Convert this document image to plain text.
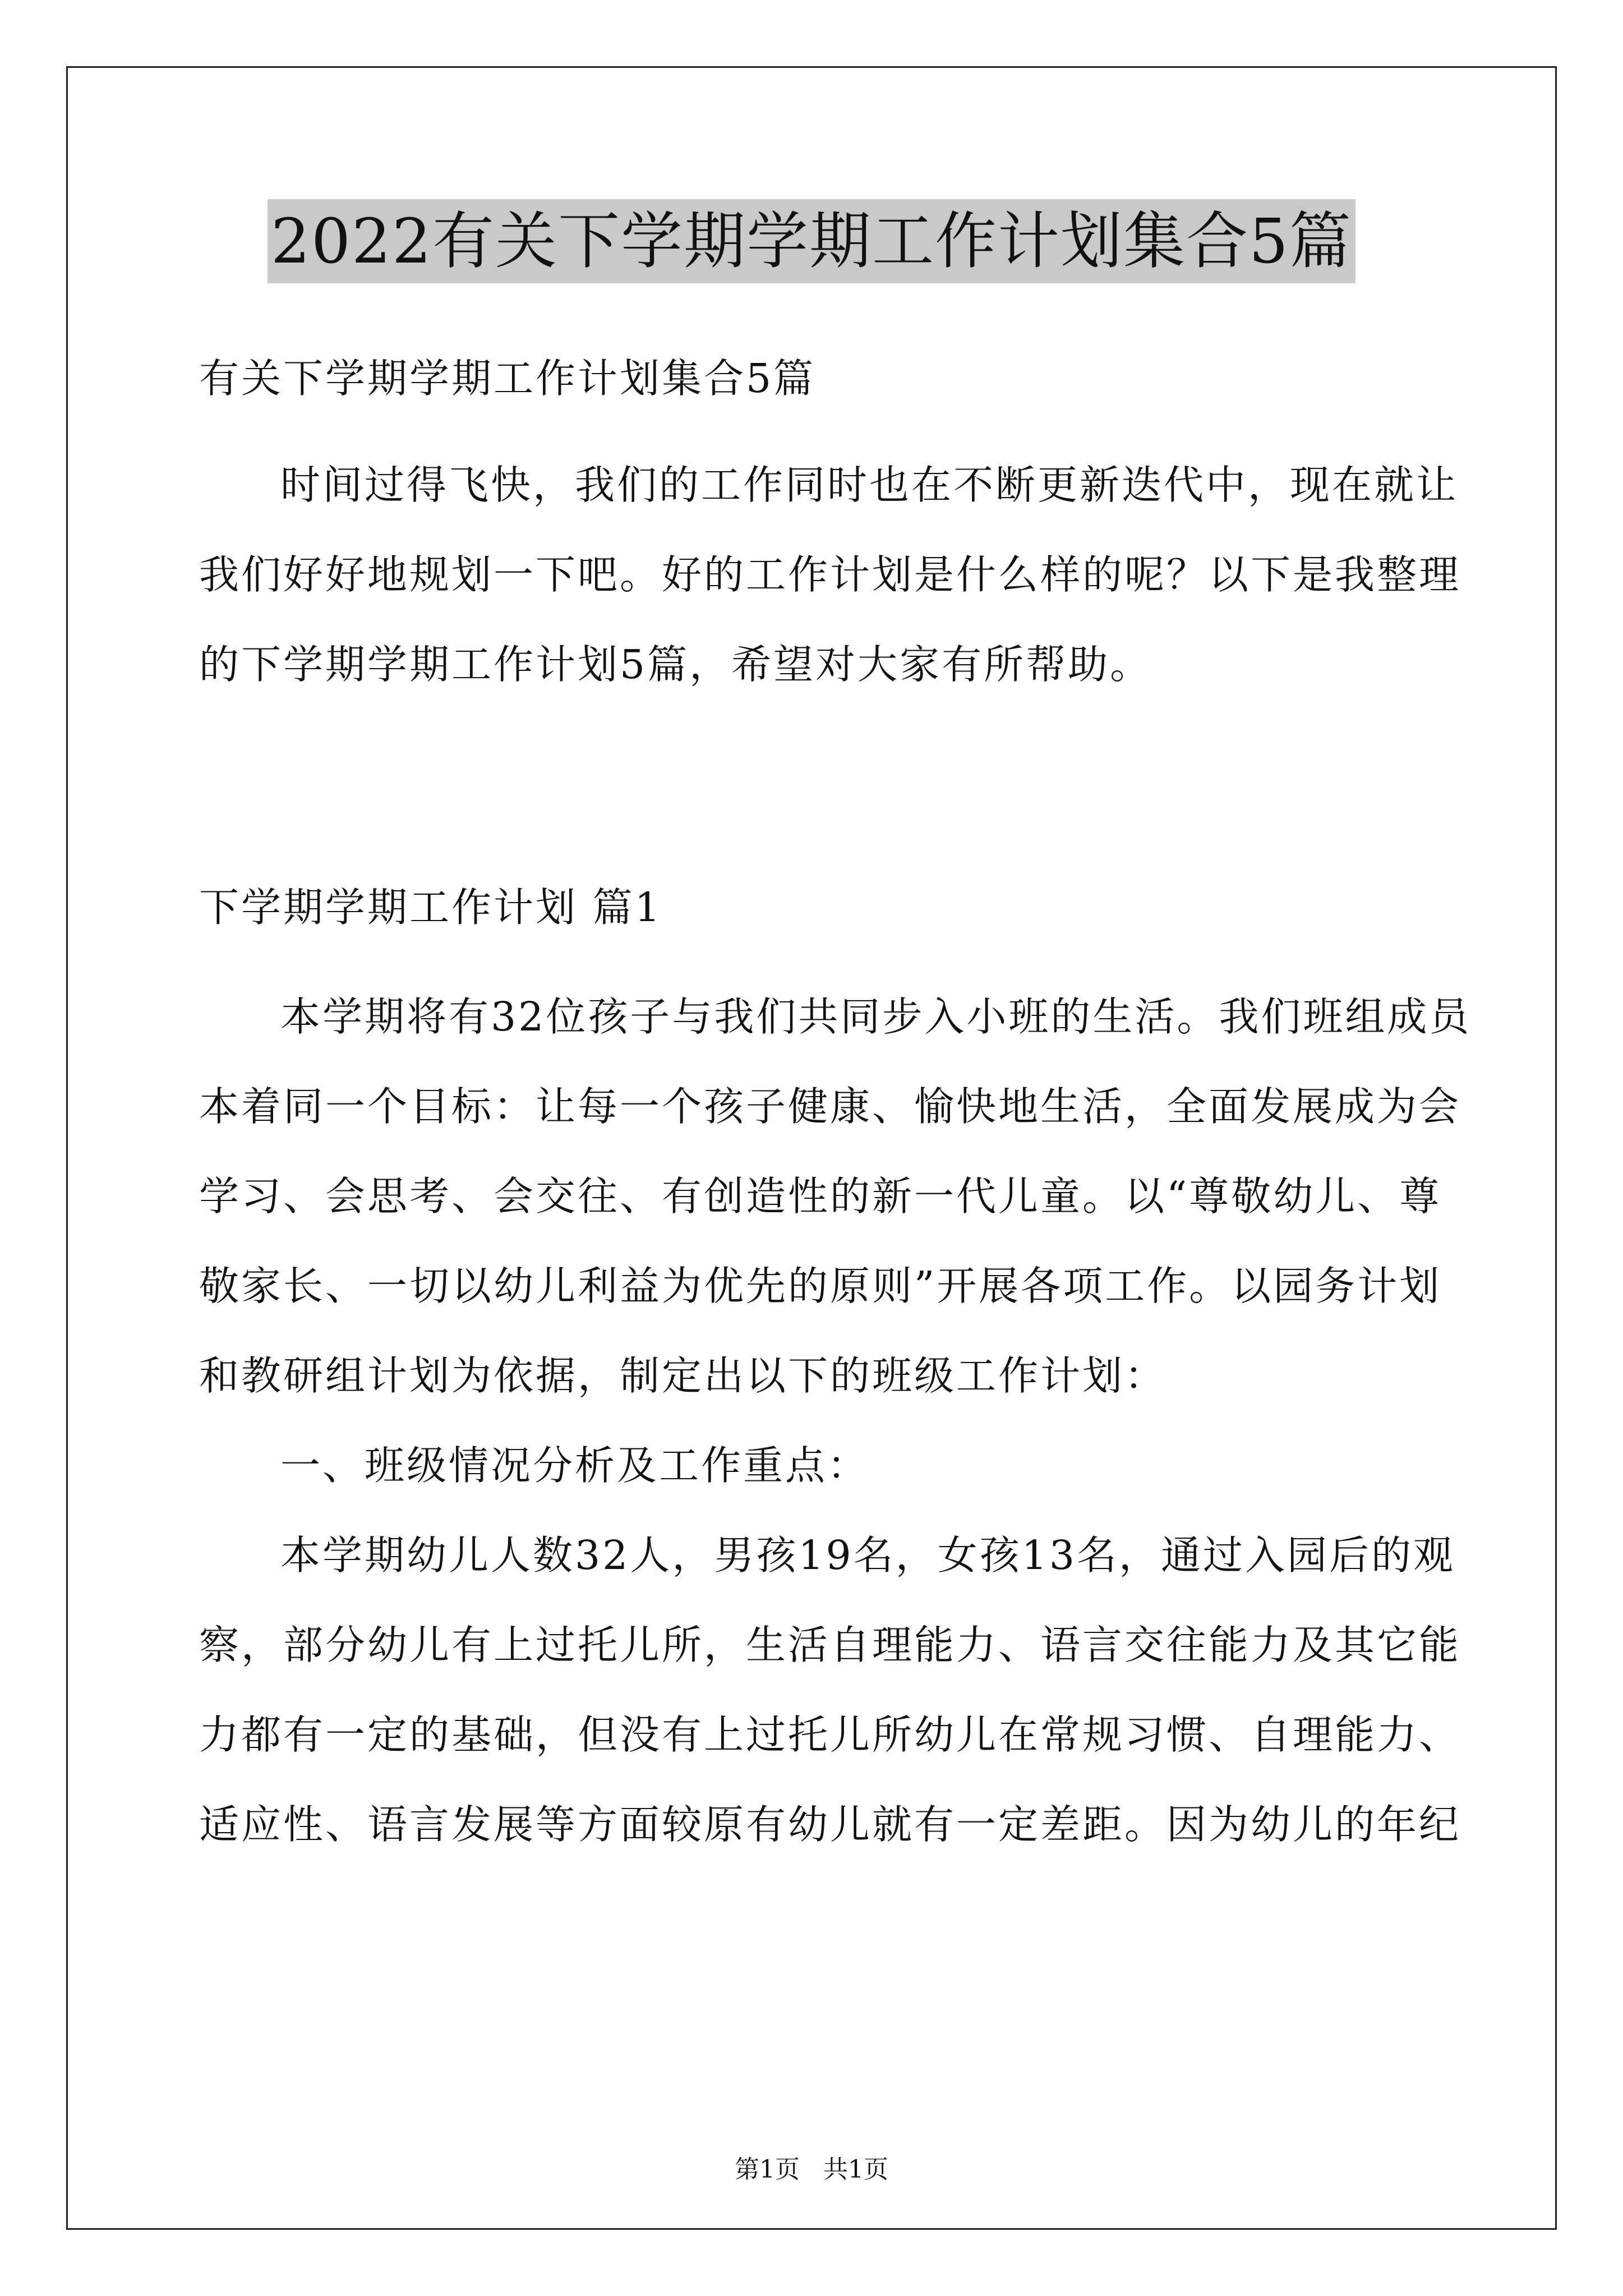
2022有关下学期学期工作计划集合5篇
有关下学期学期工作计划集合5篇
时间过得飞快，我们的工作同时也在不断更新迭代中，现在就让
我们好好地规划一下吧。好的工作计划是什么样的呢？以下是我整理
的下学期学期工作计划5篇，希望对大家有所帮助。
下学期学期工作计划 篇1
本学期将有32位孩子与我们共同步入小班的生活。我们班组成员
本着同一个目标：让每一个孩子健康、愉快地生活，全面发展成为会
学习、会思考、会交往、有创造性的新一代儿童。以“尊敬幼儿、尊
敬家长、一切以幼儿利益为优先的原则”开展各项工作。以园务计划
和教研组计划为依据，制定出以下的班级工作计划：
一、班级情况分析及工作重点：
本学期幼儿人数32人，男孩19名，女孩13名，通过入园后的观
察，部分幼儿有上过托儿所，生活自理能力、语言交往能力及其它能
力都有一定的基础，但没有上过托儿所幼儿在常规习惯、自理能力、
适应性、语言发展等方面较原有幼儿就有一定差距。因为幼儿的年纪
第1页 共1页
